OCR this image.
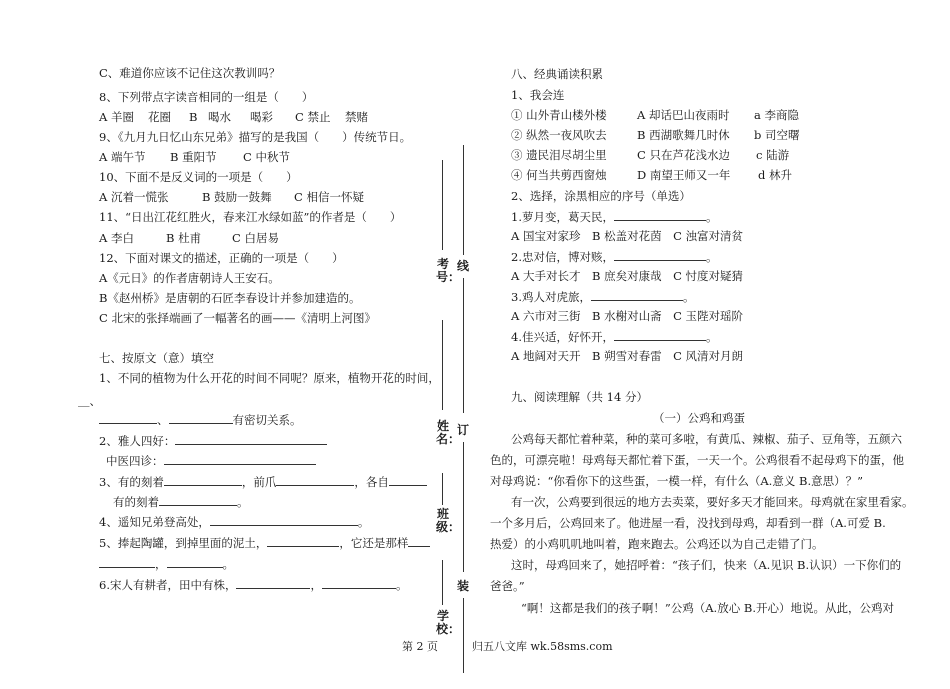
C、难道你应该不记住这次教训吗？
8、下列带点字读音相同的一组是（　　）
A 羊圈 花圈 B 喝水 喝彩 C 禁止 禁赌
9、《九月九日忆山东兄弟》描写的是我国（　　）传统节日。
A 端午节 B 重阳节 C 中秋节
10、下面不是反义词的一项是（　　）
A 沉着一慌张	B 鼓励一鼓舞 C 相信一怀疑
11、“日出江花红胜火，春来江水绿如蓝”的作者是（　　）
A 李白	B 杜甫	C 白居易
12、下面对课文的描述，正确的一项是（　　）
A《元日》的作者唐朝诗人王安石。
B《赵州桥》是唐朝的石匠李春设计并参加建造的。
C 北宋的张择端画了一幅著名的画——《清明上河图》
七、按原文（意）填空
1、不同的植物为什么开花的时间不同呢？原来，植物开花的时间，
＿、
、	有密切关系。
2、雅人四好：
中医四诊：
3、有的刻着	，前爪	，各自
有的刻着	。
4、遥知兄弟登高处，	。
5、捧起陶罐，到掉里面的泥土，	，它还是那样
，	。
6.宋人有耕者，田中有株，	，	。
考号：
姓名：
班级：
学校：
线
订
装
八、经典诵读积累
1、我会连
① 山外青山楼外楼	A 却话巴山夜雨时 a 李商隐
② 纵然一夜风吹去	B 西湖歌舞几时休 b 司空曙
③ 遗民泪尽胡尘里	C 只在芦花浅水边 c 陆游
④ 何当共剪西窗烛	D 南望王师又一年 d 林升
2、选择，涂黑相应的序号（单选）
1.萝月变，葛天民，	。
A 国宝对家珍　B 松盖对花茵　C 浊富对清贫
2.忠对信，博对赅，	。
A 大手对长才　B 庶矣对康哉　C 忖度对疑猜
3.鸡人对虎旅，	。
A 六市对三街　B 水榭对山斋　C 玉陛对瑶阶
4.佳兴适，好怀开，	。
A 地阔对天开　B 朔雪对春雷　C 风清对月朗
九、阅读理解（共 14 分）
（一）公鸡和鸡蛋
公鸡每天都忙着种菜，种的菜可多啦，有黄瓜、辣椒、茄子、豆角等，五颜六
色的，可漂亮啦！母鸡每天都忙着下蛋，一天一个。公鸡很看不起母鸡下的蛋，他
对母鸡说：“你看你下的这些蛋，一模一样，有什么（A.意义 B.意思）？”
有一次，公鸡要到很远的地方去卖菜，要好多天才能回来。母鸡就在家里看家。
一个多月后，公鸡回来了。他进屋一看，没找到母鸡，却看到一群（A.可爱 B.
热爱）的小鸡叽叽地叫着，跑来跑去。公鸡还以为自己走错了门。
这时，母鸡回来了，她招呼着：“孩子们，快来（A.见识 B.认识）一下你们的
爸爸。”
“啊！这都是我们的孩子啊！”公鸡（A.放心 B.开心）地说。从此，公鸡对
第 2 页	归五八文库 wk.58sms.com
